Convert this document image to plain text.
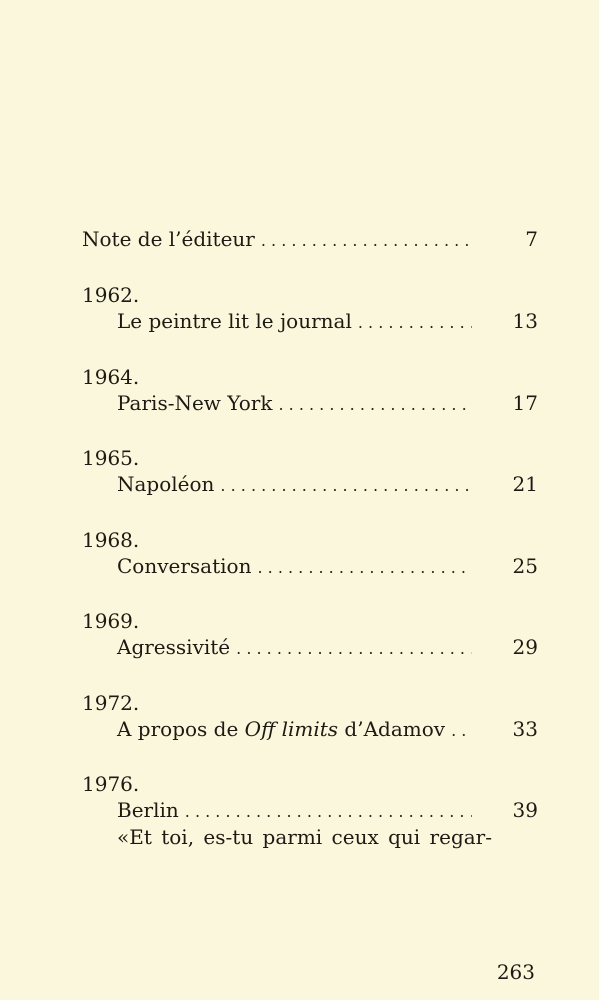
Note de l’éditeur . . .	7
1962.
Le peintre lit le journal . . .	13
1964.
Paris-New York . . .	17
1965.
Napoléon . . .	21
1968.
Conversation . . .	25
1969.
Agressivité . . .	29
1972.
A propos de Off limits d’Adamov . . .	33
1976.
Berlin . . .	39
«Et toi, es-tu parmi ceux qui regar-
263
